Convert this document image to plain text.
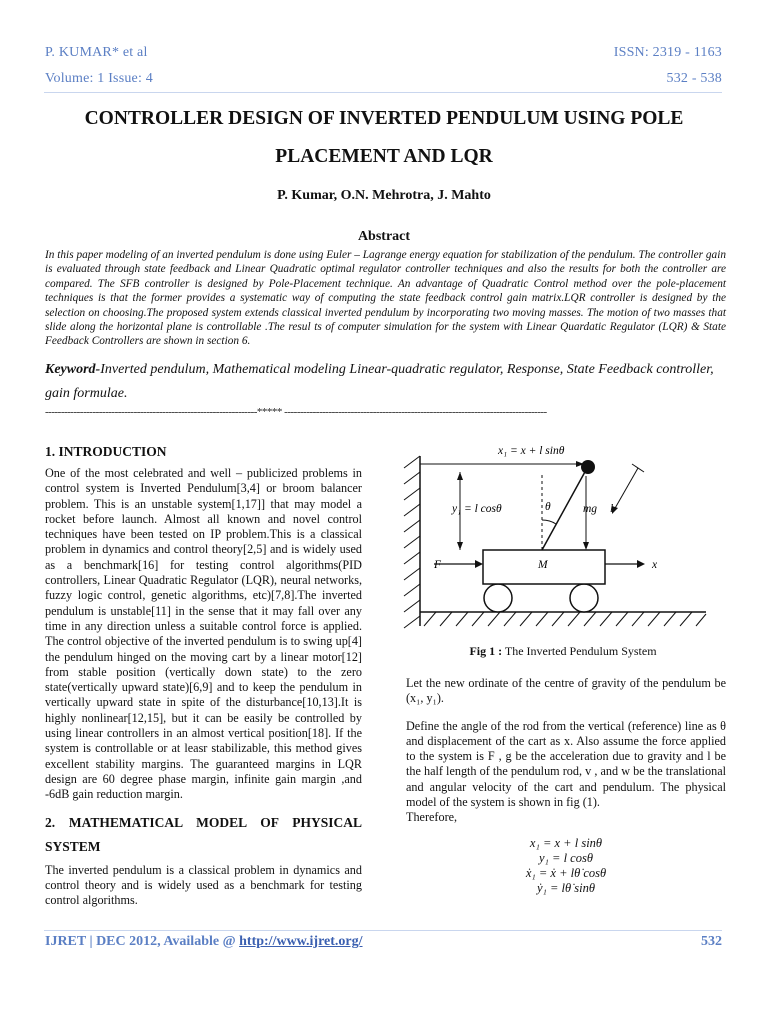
P. KUMAR* et al	ISSN: 2319 - 1163
Volume: 1 Issue: 4	532 - 538
CONTROLLER DESIGN OF INVERTED PENDULUM USING POLE
PLACEMENT AND LQR
P. Kumar, O.N. Mehrotra, J. Mahto
Abstract
In this paper modeling of an inverted pendulum is done using Euler – Lagrange energy equation for stabilization of the pendulum. The controller gain is evaluated through state feedback and Linear Quadratic optimal regulator controller techniques and also the results for both the controller are compared. The SFB controller is designed by Pole-Placement technique. An advantage of Quadratic Control method over the pole-placement techniques is that the former provides a systematic way of computing the state feedback control gain matrix.LQR controller is designed by the selection on choosing.The proposed system extends classical inverted pendulum by incorporating two moving masses. The motion of two masses that slide along the horizontal plane is controllable .The resul ts of computer simulation for the system with Linear Quardatic Regulator (LQR) & State Feedback Controllers are shown in section 6.
Keyword-Inverted pendulum, Mathematical modeling Linear-quadratic regulator, Response, State Feedback controller, gain formulae.
-------------------------------------------------------------------***** -----------------------------------------------------------------------------------

1. INTRODUCTION

One of the most celebrated and well – publicized problems in control system is Inverted Pendulum[3,4] or broom balancer problem. This is an unstable system[1,17]] that may model a rocket before launch. Almost all known and novel control techniques have been tested on IP problem.This is a classical problem in dynamics and control theory[2,5] and is widely used as a benchmark[16] for testing control algorithms(PID controllers, Linear Quadratic Regulator (LQR), neural networks, fuzzy logic control, genetic algorithms, etc)[7,8].The inverted pendulum is unstable[11] in the sense that it may fall over any time in any direction unless a suitable control force is applied. The control objective of the inverted pendulum is to swing up[4] the pendulum hinged on the moving cart by a linear motor[12] from stable position (vertically down state) to the zero state(vertically upward state)[6,9] and to keep the pendulum in vertically upward state in spite of the disturbance[10,13].It is highly nonlinear[12,15], but it can be easily be controlled by using linear controllers in an almost vertical position[18]. If the system is controllable or at leasr stabilizable, this method gives excellent stability margins. The guaranteed margins in LQR design are 60 degree phase margin, infinite gain margin ,and -6dB gain reduction margin.

2. MATHEMATICAL MODEL OF PHYSICAL SYSTEM

The inverted pendulum is a classical problem in dynamics and control theory and is widely used as a benchmark for testing control algorithms.

x₁ = x + l sinθ
y₁ = l cosθ	θ	mg l
F	M	x
Fig 1 : The Inverted Pendulum System

Let the new ordinate of the centre of gravity of the pendulum be (x₁, y₁).

Define the angle of the rod from the vertical (reference) line as θ and displacement of the cart as x. Also assume the force applied to the system is F , g be the acceleration due to gravity and l be the half length of the pendulum rod, v , and w be the translational and angular velocity of the cart and pendulum. The physical model of the system is shown in fig (1).

Therefore,

x₁ = x + l sinθ
y₁ = l cosθ
ẋ₁ = ẋ + lθ̇ cosθ
ẏ₁ = lθ̇ sinθ
IJRET | DEC 2012, Available @ http://www.ijret.org/	532
